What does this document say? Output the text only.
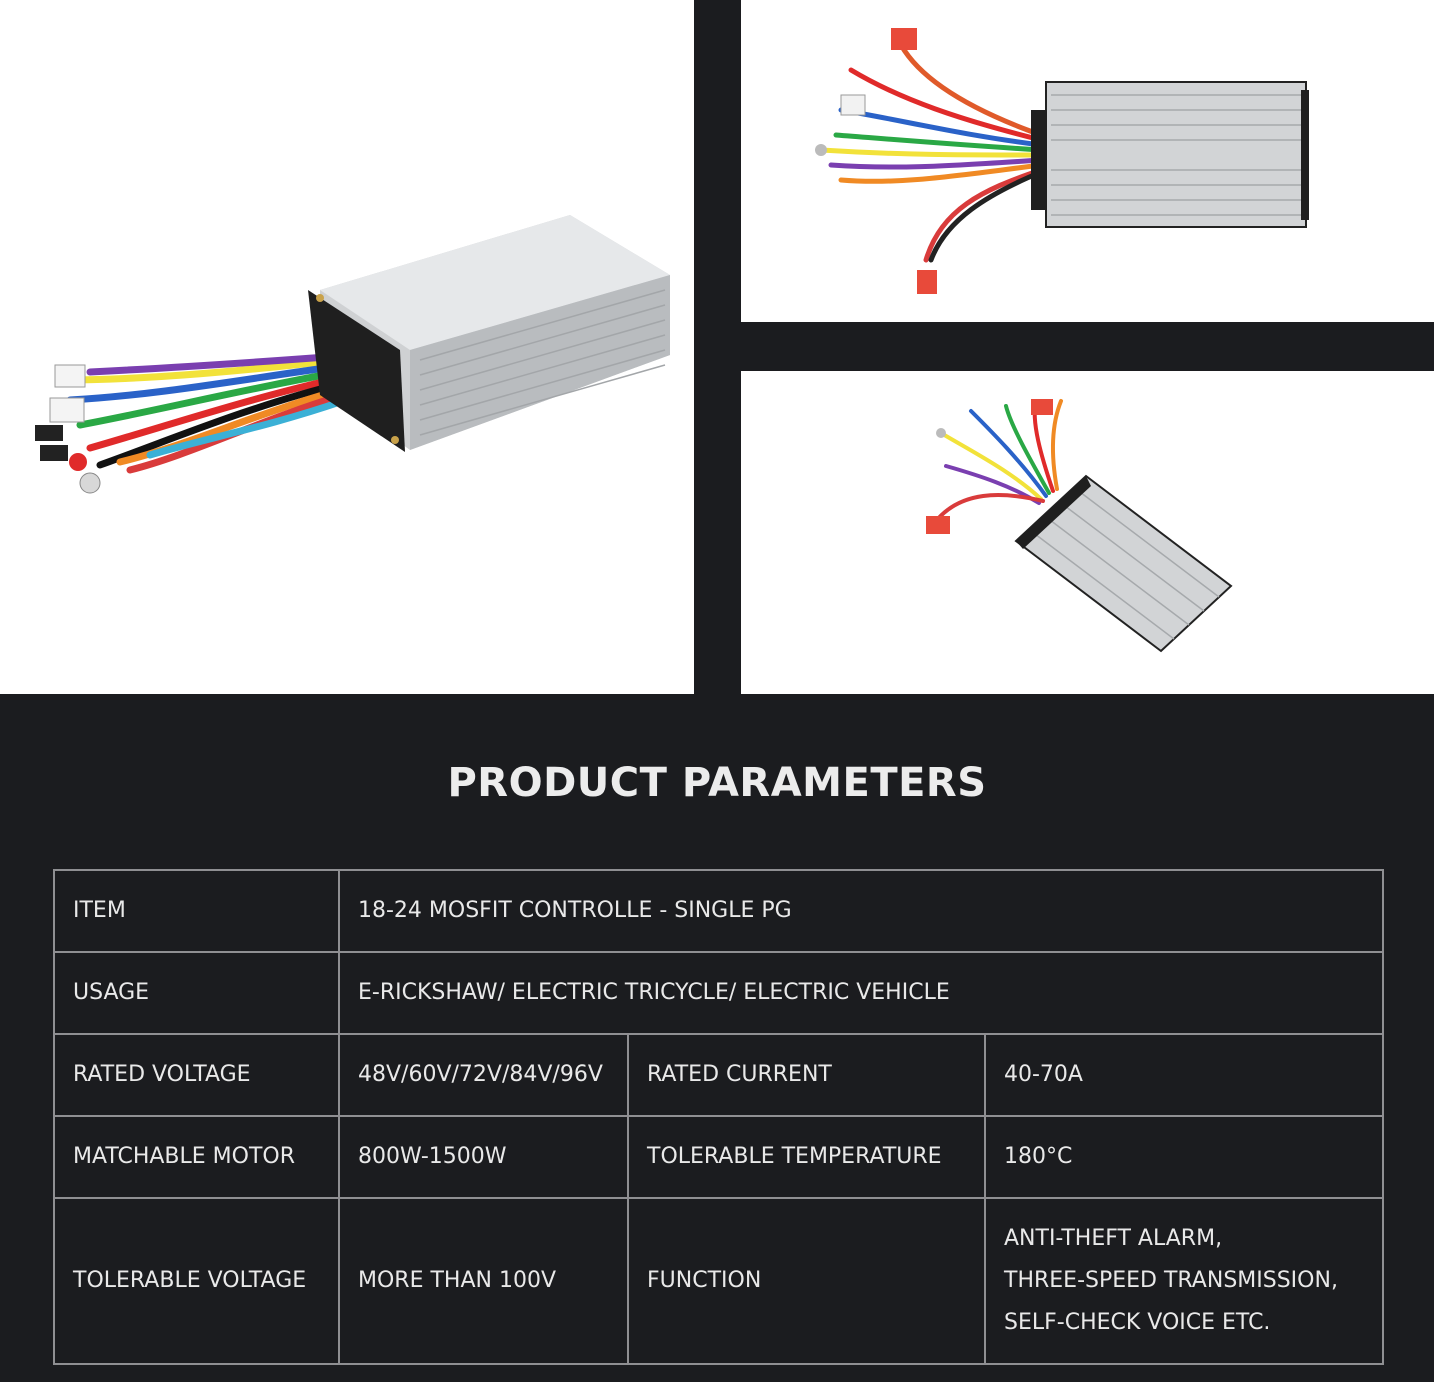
PRODUCT PARAMETERS
ITEM	18-24 MOSFIT CONTROLLE - SINGLE PG		
USAGE	E-RICKSHAW/ ELECTRIC TRICYCLE/ ELECTRIC VEHICLE		
RATED VOLTAGE	48V/60V/72V/84V/96V	RATED CURRENT	40-70A
MATCHABLE MOTOR	800W-1500W	TOLERABLE TEMPERATURE	180°C
TOLERABLE VOLTAGE	MORE THAN 100V	FUNCTION	ANTI-THEFT ALARM,
THREE-SPEED TRANSMISSION,
SELF-CHECK VOICE ETC.
